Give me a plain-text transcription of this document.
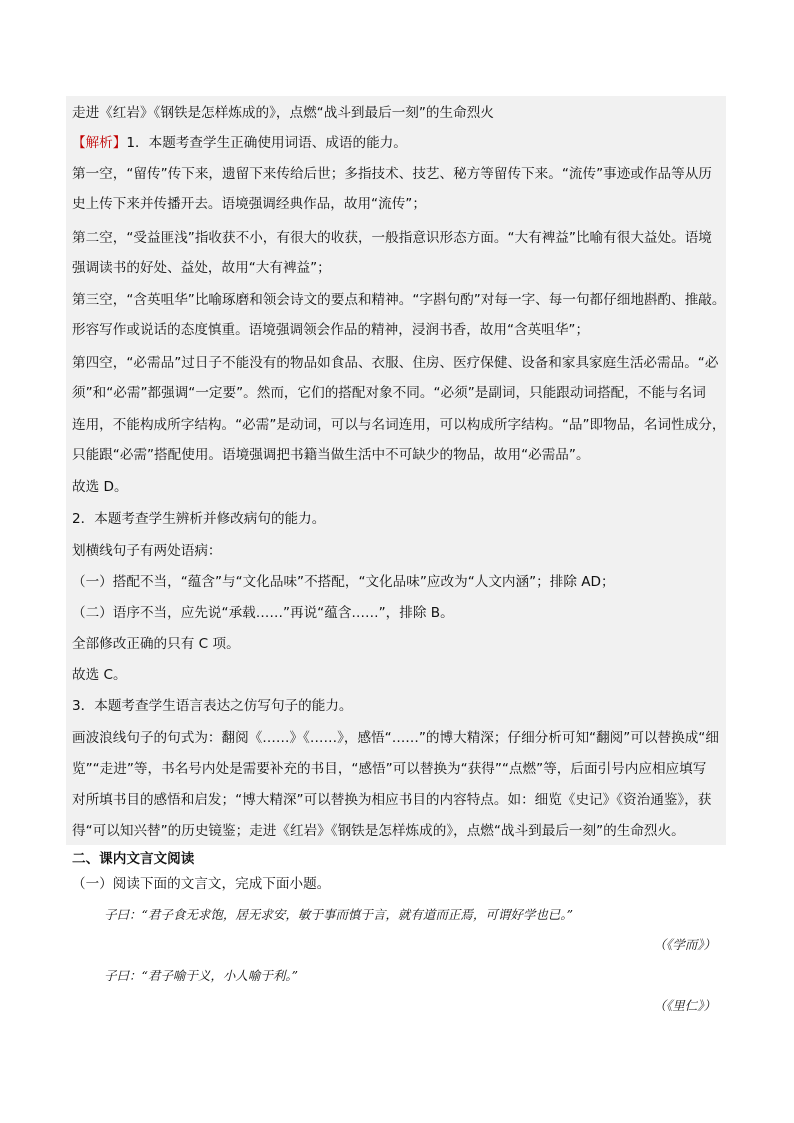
走进《红岩》《钢铁是怎样炼成的》，点燃“战斗到最后一刻”的生命烈火
【解析】1．本题考查学生正确使用词语、成语的能力。
第一空，“留传”传下来，遗留下来传给后世；多指技术、技艺、秘方等留传下来。“流传”事迹或作品等从历
史上传下来并传播开去。语境强调经典作品，故用“流传”；
第二空，“受益匪浅”指收获不小，有很大的收获，一般指意识形态方面。“大有裨益”比喻有很大益处。语境
强调读书的好处、益处，故用“大有裨益”；
第三空，“含英咀华”比喻琢磨和领会诗文的要点和精神。“字斟句酌”对每一字、每一句都仔细地斟酌、推敲。
形容写作或说话的态度慎重。语境强调领会作品的精神，浸润书香，故用“含英咀华”；
第四空，“必需品”过日子不能没有的物品如食品、衣服、住房、医疗保健、设备和家具家庭生活必需品。“必
须”和“必需”都强调“一定要”。然而，它们的搭配对象不同。“必须”是副词，只能跟动词搭配，不能与名词
连用，不能构成所字结构。“必需”是动词，可以与名词连用，可以构成所字结构。“品”即物品，名词性成分，
只能跟“必需”搭配使用。语境强调把书籍当做生活中不可缺少的物品，故用“必需品”。
故选 D。
2．本题考查学生辨析并修改病句的能力。
划横线句子有两处语病：
（一）搭配不当，“蕴含”与“文化品味”不搭配，“文化品味”应改为“人文内涵”；排除 AD；
（二）语序不当，应先说“承载……”再说“蕴含……”，排除 B。
全部修改正确的只有 C 项。
故选 C。
3．本题考查学生语言表达之仿写句子的能力。
画波浪线句子的句式为：翻阅《……》《……》，感悟“……”的博大精深；仔细分析可知“翻阅”可以替换成“细
览”“走进”等，书名号内处是需要补充的书目，“感悟”可以替换为“获得”“点燃”等，后面引号内应相应填写
对所填书目的感悟和启发；“博大精深”可以替换为相应书目的内容特点。如：细览《史记》《资治通鉴》，获
得“可以知兴替”的历史镜鉴；走进《红岩》《钢铁是怎样炼成的》，点燃“战斗到最后一刻”的生命烈火。
二、课内文言文阅读
（一）阅读下面的文言文，完成下面小题。
子曰：“君子食无求饱，居无求安，敏于事而慎于言，就有道而正焉，可谓好学也已。”
（《学而》）
子曰：“君子喻于义，小人喻于利。”
（《里仁》）
